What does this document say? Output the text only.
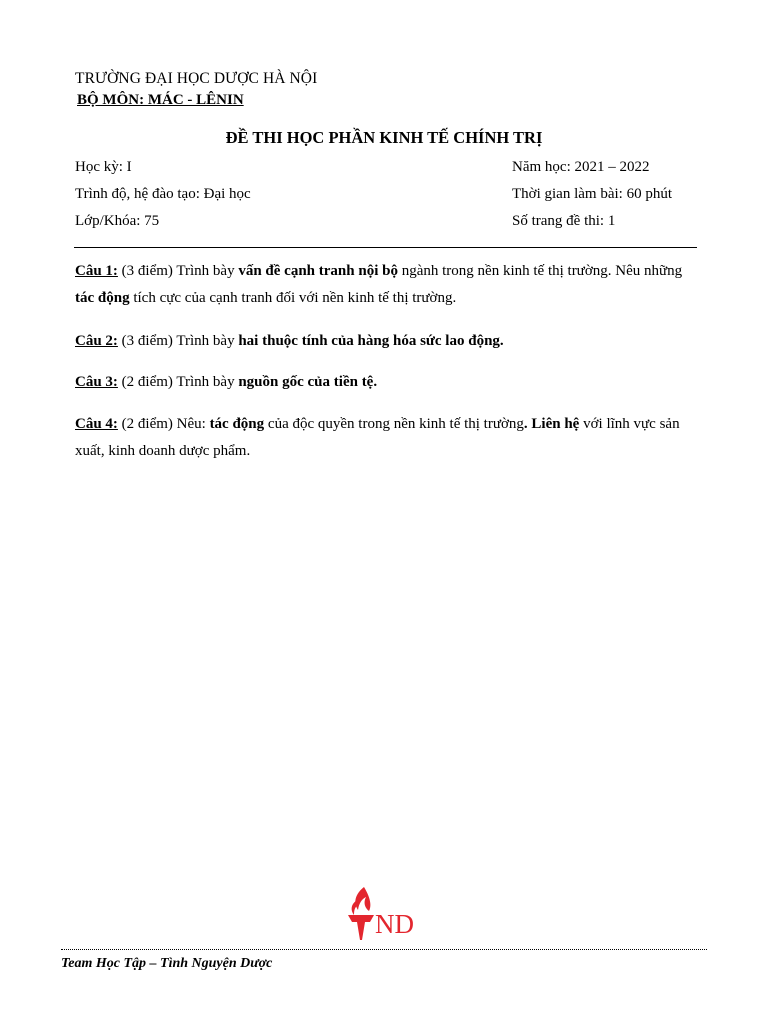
TRƯỜNG ĐẠI HỌC DƯỢC HÀ NỘI
BỘ MÔN: MÁC - LÊNIN
ĐỀ THI HỌC PHẦN KINH TẾ CHÍNH TRỊ
Học kỳ: I
Trình độ, hệ đào tạo: Đại học
Lớp/Khóa: 75
Năm học: 2021 – 2022
Thời gian làm bài: 60 phút
Số trang đề thi: 1
Câu 1: (3 điểm) Trình bày vấn đề cạnh tranh nội bộ ngành trong nền kinh tế thị trường. Nêu những tác động tích cực của cạnh tranh đối với nền kinh tế thị trường.
Câu 2: (3 điểm) Trình bày hai thuộc tính của hàng hóa sức lao động.
Câu 3: (2 điểm) Trình bày nguồn gốc của tiền tệ.
Câu 4: (2 điểm) Nêu: tác động của độc quyền trong nền kinh tế thị trường. Liên hệ với lĩnh vực sản xuất, kinh doanh dược phẩm.
ND
Team Học Tập – Tình Nguyện Dược
